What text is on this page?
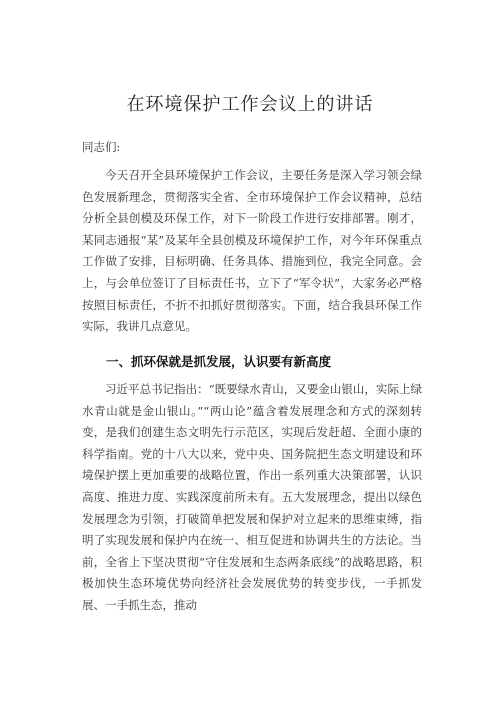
在环境保护工作会议上的讲话
同志们:

今天召开全县环境保护工作会议，主要任务是深入学习领会绿色发展新理念，贯彻落实全省、全市环境保护工作会议精神，总结分析全县创模及环保工作，对下一阶段工作进行安排部署。刚才，某同志通报“某”及某年全县创模及环境保护工作，对今年环保重点工作做了安排，目标明确、任务具体、措施到位，我完全同意。会上，与会单位签订了目标责任书，立下了“军令状”，大家务必严格按照目标责任，不折不扣抓好贯彻落实。下面，结合我县环保工作实际，我讲几点意见。

一、抓环保就是抓发展，认识要有新高度

习近平总书记指出：“既要绿水青山，又要金山银山，实际上绿水青山就是金山银山。”“两山论”蕴含着发展理念和方式的深刻转变，是我们创建生态文明先行示范区，实现后发赶超、全面小康的科学指南。党的十八大以来，党中央、国务院把生态文明建设和环境保护摆上更加重要的战略位置，作出一系列重大决策部署，认识高度、推进力度、实践深度前所未有。五大发展理念，提出以绿色发展理念为引领，打破简单把发展和保护对立起来的思维束缚，指明了实现发展和保护内在统一、相互促进和协调共生的方法论。当前，全省上下坚决贯彻“守住发展和生态两条底线”的战略思路，积极加快生态环境优势向经济社会发展优势的转变步伐，一手抓发展、一手抓生态，推动
